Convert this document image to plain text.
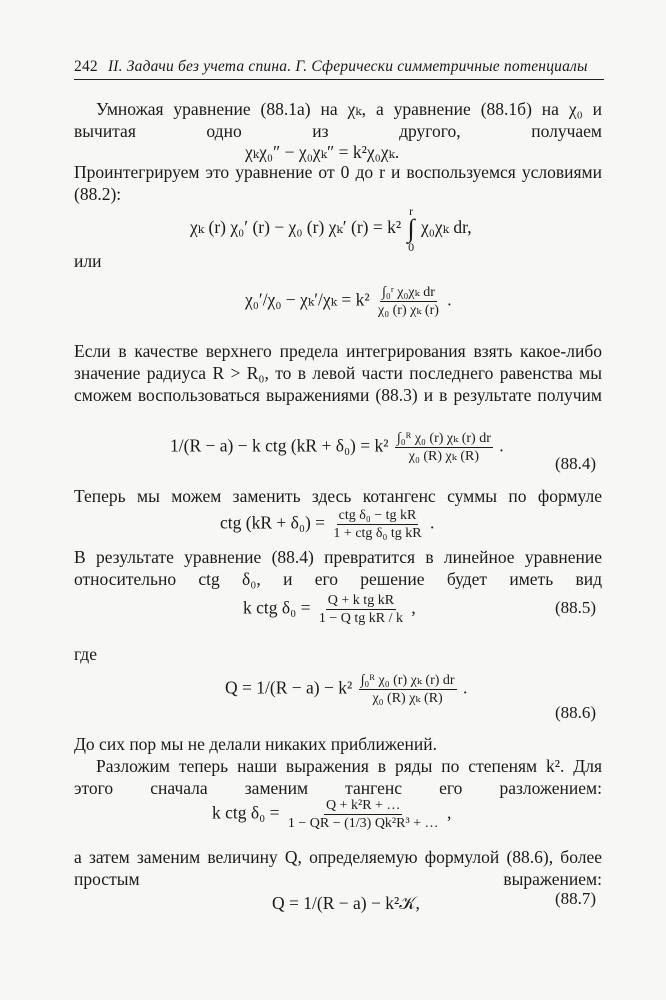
242 II. Задачи без учета спина. Г. Сферически симметричные потенциалы
Умножая уравнение (88.1а) на χₖ, а уравнение (88.1б) на χ₀ и вычитая одно из другого, получаем
χₖχ₀″ − χ₀χₖ″ = k²χ₀χₖ.
Проинтегрируем это уравнение от 0 до r и воспользуемся условиями (88.2):
χₖ (r) χ₀′ (r) − χ₀ (r) χₖ′ (r) = k²
r
∫
0
χ₀χₖ dr,
или
$\chi_0'/\chi_0 - \chi_k'/\chi_k = k^2 \frac{\text{∫₀ʳ χ₀χₖ dr}}{\text{χ₀ (r) χₖ (r)}}$ .
Если в качестве верхнего предела интегрирования взять какое-либо значение радиуса R > R₀, то в левой части последнего равенства мы сможем воспользоваться выражениями (88.3) и в результате получим
1/(R − a) − k ctg $(kR + \delta_0) = k^2 \frac{\text{∫₀ᴿ χ₀ (r) χₖ (r) dr}}{\text{χ₀ (R) χₖ (R)}}$ .
(88.4)
Теперь мы можем заменить здесь котангенс суммы по формуле
ctg $(kR + \delta_0) = \frac{\text{ctg δ₀ − tg kR}}{\text{1 + ctg δ₀ tg kR}}$ .
В результате уравнение (88.4) превратится в линейное уравнение относительно ctg δ₀, и его решение будет иметь вид
k ctg $\delta_0 = \frac{\text{Q + k tg kR}}{\text{1 − Q tg kR / k}}$ ,	(88.5)
где
$Q = 1/(R - a) - k^2 \frac{\text{∫₀ᴿ χ₀ (r) χₖ (r) dr}}{\text{χ₀ (R) χₖ (R)}}$ .
(88.6)
До сих пор мы не делали никаких приближений.
Разложим теперь наши выражения в ряды по степеням k². Для этого сначала заменим тангенс его разложением:
k ctg $\delta_0 = \frac{\text{Q + k²R + …}}{\text{1 − QR − (1/3) Qk²R³ + …}}$ ,
а затем заменим величину Q, определяемую формулой (88.6), более простым выражением:
Q = 1/(R − a) − k²𝒦,	(88.7)
